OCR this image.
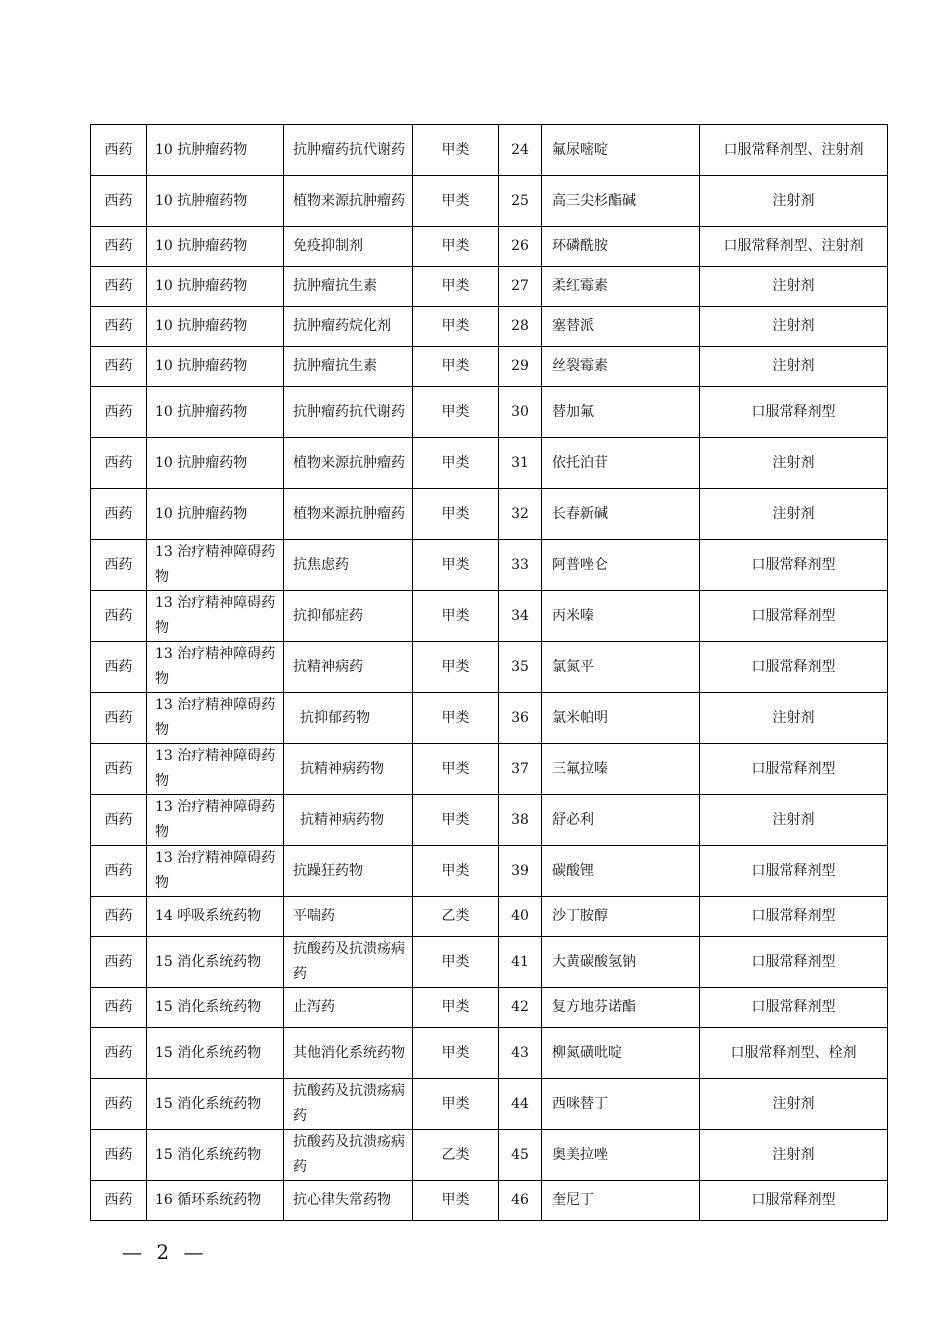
西药	10 抗肿瘤药物	抗肿瘤药抗代谢药	甲类	24	氟尿嘧啶	口服常释剂型、注射剂
西药	10 抗肿瘤药物	植物来源抗肿瘤药	甲类	25	高三尖杉酯碱	注射剂
西药	10 抗肿瘤药物	免疫抑制剂	甲类	26	环磷酰胺	口服常释剂型、注射剂
西药	10 抗肿瘤药物	抗肿瘤抗生素	甲类	27	柔红霉素	注射剂
西药	10 抗肿瘤药物	抗肿瘤药烷化剂	甲类	28	塞替派	注射剂
西药	10 抗肿瘤药物	抗肿瘤抗生素	甲类	29	丝裂霉素	注射剂
西药	10 抗肿瘤药物	抗肿瘤药抗代谢药	甲类	30	替加氟	口服常释剂型
西药	10 抗肿瘤药物	植物来源抗肿瘤药	甲类	31	依托泊苷	注射剂
西药	10 抗肿瘤药物	植物来源抗肿瘤药	甲类	32	长春新碱	注射剂
西药	13 治疗精神障碍药物	抗焦虑药	甲类	33	阿普唑仑	口服常释剂型
西药	13 治疗精神障碍药物	抗抑郁症药	甲类	34	丙米嗪	口服常释剂型
西药	13 治疗精神障碍药物	抗精神病药	甲类	35	氯氮平	口服常释剂型
西药	13 治疗精神障碍药物	抗抑郁药物	甲类	36	氯米帕明	注射剂
西药	13 治疗精神障碍药物	抗精神病药物	甲类	37	三氟拉嗪	口服常释剂型
西药	13 治疗精神障碍药物	抗精神病药物	甲类	38	舒必利	注射剂
西药	13 治疗精神障碍药物	抗躁狂药物	甲类	39	碳酸锂	口服常释剂型
西药	14 呼吸系统药物	平喘药	乙类	40	沙丁胺醇	口服常释剂型
西药	15 消化系统药物	抗酸药及抗溃疡病药	甲类	41	大黄碳酸氢钠	口服常释剂型
西药	15 消化系统药物	止泻药	甲类	42	复方地芬诺酯	口服常释剂型
西药	15 消化系统药物	其他消化系统药物	甲类	43	柳氮磺吡啶	口服常释剂型、栓剂
西药	15 消化系统药物	抗酸药及抗溃疡病药	甲类	44	西咪替丁	注射剂
西药	15 消化系统药物	抗酸药及抗溃疡病药	乙类	45	奥美拉唑	注射剂
西药	16 循环系统药物	抗心律失常药物	甲类	46	奎尼丁	口服常释剂型
— 2 —
